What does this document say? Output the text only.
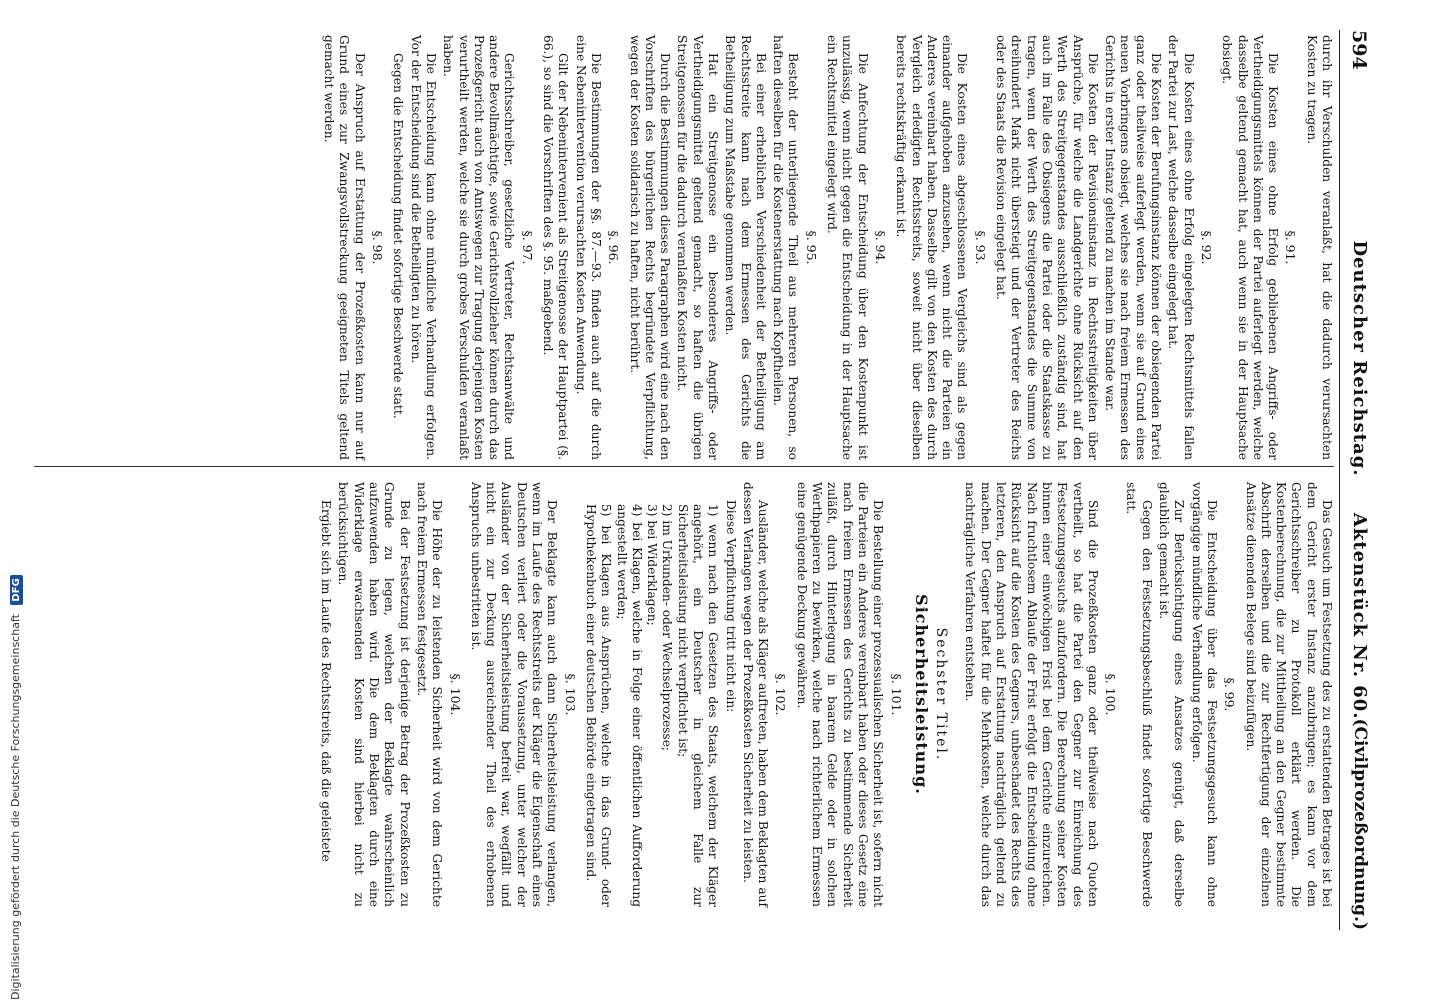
594
Deutscher Reichstag.     Aktenstück Nr. 60.
(Civilprozeßordnung.)

durch ihr Verschulden veranlaßt, hat die dadurch verursachten Kosten zu tragen.

§. 91.

Die Kosten eines ohne Erfolg gebliebenen Angriffs- oder Vertheidigungsmittels können der Partei auferlegt werden, welche dasselbe geltend gemacht hat, auch wenn sie in der Hauptsache obsiegt.

§. 92.

Die Kosten eines ohne Erfolg eingelegten Rechtsmittels fallen der Partei zur Last, welche dasselbe eingelegt hat.

Die Kosten der Berufungsinstanz können der obsiegenden Partei ganz oder theilweise auferlegt werden, wenn sie auf Grund eines neuen Vorbringens obsiegt, welches sie nach freiem Ermessen des Gerichts in erster Instanz geltend zu machen im Stande war.

Die Kosten der Revisionsinstanz in Rechtsstreitigkeiten über Ansprüche, für welche die Landgerichte ohne Rücksicht auf den Werth des Streitgegenstandes ausschließlich zuständig sind, hat auch im Falle des Obsiegens die Partei oder die Staatskasse zu tragen, wenn der Werth des Streitgegenstandes die Summe von dreihundert Mark nicht übersteigt und der Vertreter des Reichs oder des Staats die Revision eingelegt hat.

§. 93.

Die Kosten eines abgeschlossenen Vergleichs sind als gegen einander aufgehoben anzusehen, wenn nicht die Parteien ein Anderes vereinbart haben. Dasselbe gilt von den Kosten des durch Vergleich erledigten Rechtsstreits, soweit nicht über dieselben bereits rechtskräftig erkannt ist.

§. 94.

Die Anfechtung der Entscheidung über den Kostenpunkt ist unzulässig, wenn nicht gegen die Entscheidung in der Hauptsache ein Rechtsmittel eingelegt wird.

§. 95.

Besteht der unterliegende Theil aus mehreren Personen, so haften dieselben für die Kostenerstattung nach Kopftheilen.

Bei einer erheblichen Verschiedenheit der Betheiligung am Rechtsstreite kann nach dem Ermessen des Gerichts die Betheiligung zum Maßstabe genommen werden.

Hat ein Streitgenosse ein besonderes Angriffs- oder Vertheidigungsmittel geltend gemacht, so haften die übrigen Streitgenossen für die dadurch veranlaßten Kosten nicht.

Durch die Bestimmungen dieses Paragraphen wird eine nach den Vorschriften des bürgerlichen Rechts begründete Verpflichtung, wegen der Kosten solidarisch zu haften, nicht berührt.

§. 96.

Die Bestimmungen der §§. 87.—93. finden auch auf die durch eine Nebenintervention verursachten Kosten Anwendung.

Gilt der Nebenintervenient als Streitgenosse der Hauptpartei (§. 66.), so sind die Vorschriften des §. 95. maßgebend.

§. 97.

Gerichtsschreiber, gesetzliche Vertreter, Rechtsanwälte und andere Bevollmächtigte, sowie Gerichtsvollzieher können durch das Prozeßgericht auch von Amtswegen zur Tragung derjenigen Kosten verurtheilt werden, welche sie durch grobes Verschulden veranlaßt haben.

Die Entscheidung kann ohne mündliche Verhandlung erfolgen. Vor der Entscheidung sind die Betheiligten zu hören.

Gegen die Entscheidung findet sofortige Beschwerde statt.

§. 98.

Der Anspruch auf Erstattung der Prozeßkosten kann nur auf Grund eines zur Zwangsvollstreckung geeigneten Titels geltend gemacht werden.

Das Gesuch um Festsetzung des zu erstattenden Betrages ist bei dem Gericht erster Instanz anzubringen; es kann vor dem Gerichtsschreiber zu Protokoll erklärt werden. Die Kostenberechnung, die zur Mittheilung an den Gegner bestimmte Abschrift derselben und die zur Rechtfertigung der einzelnen Ansätze dienenden Belege sind beizufügen.

§. 99.

Die Entscheidung über das Festsetzungsgesuch kann ohne vorgängige mündliche Verhandlung erfolgen.

Zur Berücksichtigung eines Ansatzes genügt, daß derselbe glaublich gemacht ist.

Gegen den Festsetzungsbeschluß findet sofortige Beschwerde statt.

§. 100.

Sind die Prozeßkosten ganz oder theilweise nach Quoten vertheilt, so hat die Partei den Gegner zur Einreichung des Festsetzungsgesuchs aufzufordern. Die Berechnung seiner Kosten binnen einer einwöchigen Frist bei dem Gerichte einzureichen. Nach fruchtlosem Ablaufe der Frist erfolgt die Entscheidung ohne Rücksicht auf die Kosten des Gegners, unbeschadet des Rechts des letzteren, den Anspruch auf Erstattung nachträglich geltend zu machen. Der Gegner haftet für die Mehrkosten, welche durch das nachträgliche Verfahren entstehen.

Sechster Titel.
Sicherheitsleistung.
§. 101.

Die Bestellung einer prozessualischen Sicherheit ist, sofern nicht die Parteien ein Anderes vereinbart haben oder dieses Gesetz eine nach freiem Ermessen des Gerichts zu bestimmende Sicherheit zuläßt, durch Hinterlegung in baarem Gelde oder in solchen Werthpapieren zu bewirken, welche nach richterlichem Ermessen eine genügende Deckung gewähren.

§. 102.

Ausländer, welche als Kläger auftreten, haben dem Beklagten auf dessen Verlangen wegen der Prozeßkosten Sicherheit zu leisten.

Diese Verpflichtung tritt nicht ein:

1) wenn nach den Gesetzen des Staats, welchem der Kläger angehört, ein Deutscher in gleichem Falle zur Sicherheitsleistung nicht verpflichtet ist;
2) im Urkunden- oder Wechselprozesse;
3) bei Widerklagen;
4) bei Klagen, welche in Folge einer öffentlichen Aufforderung angestellt werden;
5) bei Klagen aus Ansprüchen, welche in das Grund- oder Hypothekenbuch einer deutschen Behörde eingetragen sind.
§. 103.

Der Beklagte kann auch dann Sicherheitsleistung verlangen, wenn im Laufe des Rechtsstreits der Kläger die Eigenschaft eines Deutschen verliert oder die Voraussetzung, unter welcher der Ausländer von der Sicherheitsleistung befreit war, wegfällt und nicht ein zur Deckung ausreichender Theil des erhobenen Anspruchs unbestritten ist.

§. 104.

Die Höhe der zu leistenden Sicherheit wird von dem Gerichte nach freiem Ermessen festgesetzt.

Bei der Festsetzung ist derjenige Betrag der Prozeßkosten zu Grunde zu legen, welchen der Beklagte wahrscheinlich aufzuwenden haben wird. Die dem Beklagten durch eine Widerklage erwachsenden Kosten sind hierbei nicht zu berücksichtigen.

Ergiebt sich im Laufe des Rechtsstreits, daß die geleistete

Digitalisierung gefördert durch die Deutsche Forschungsgemeinschaft DFG
